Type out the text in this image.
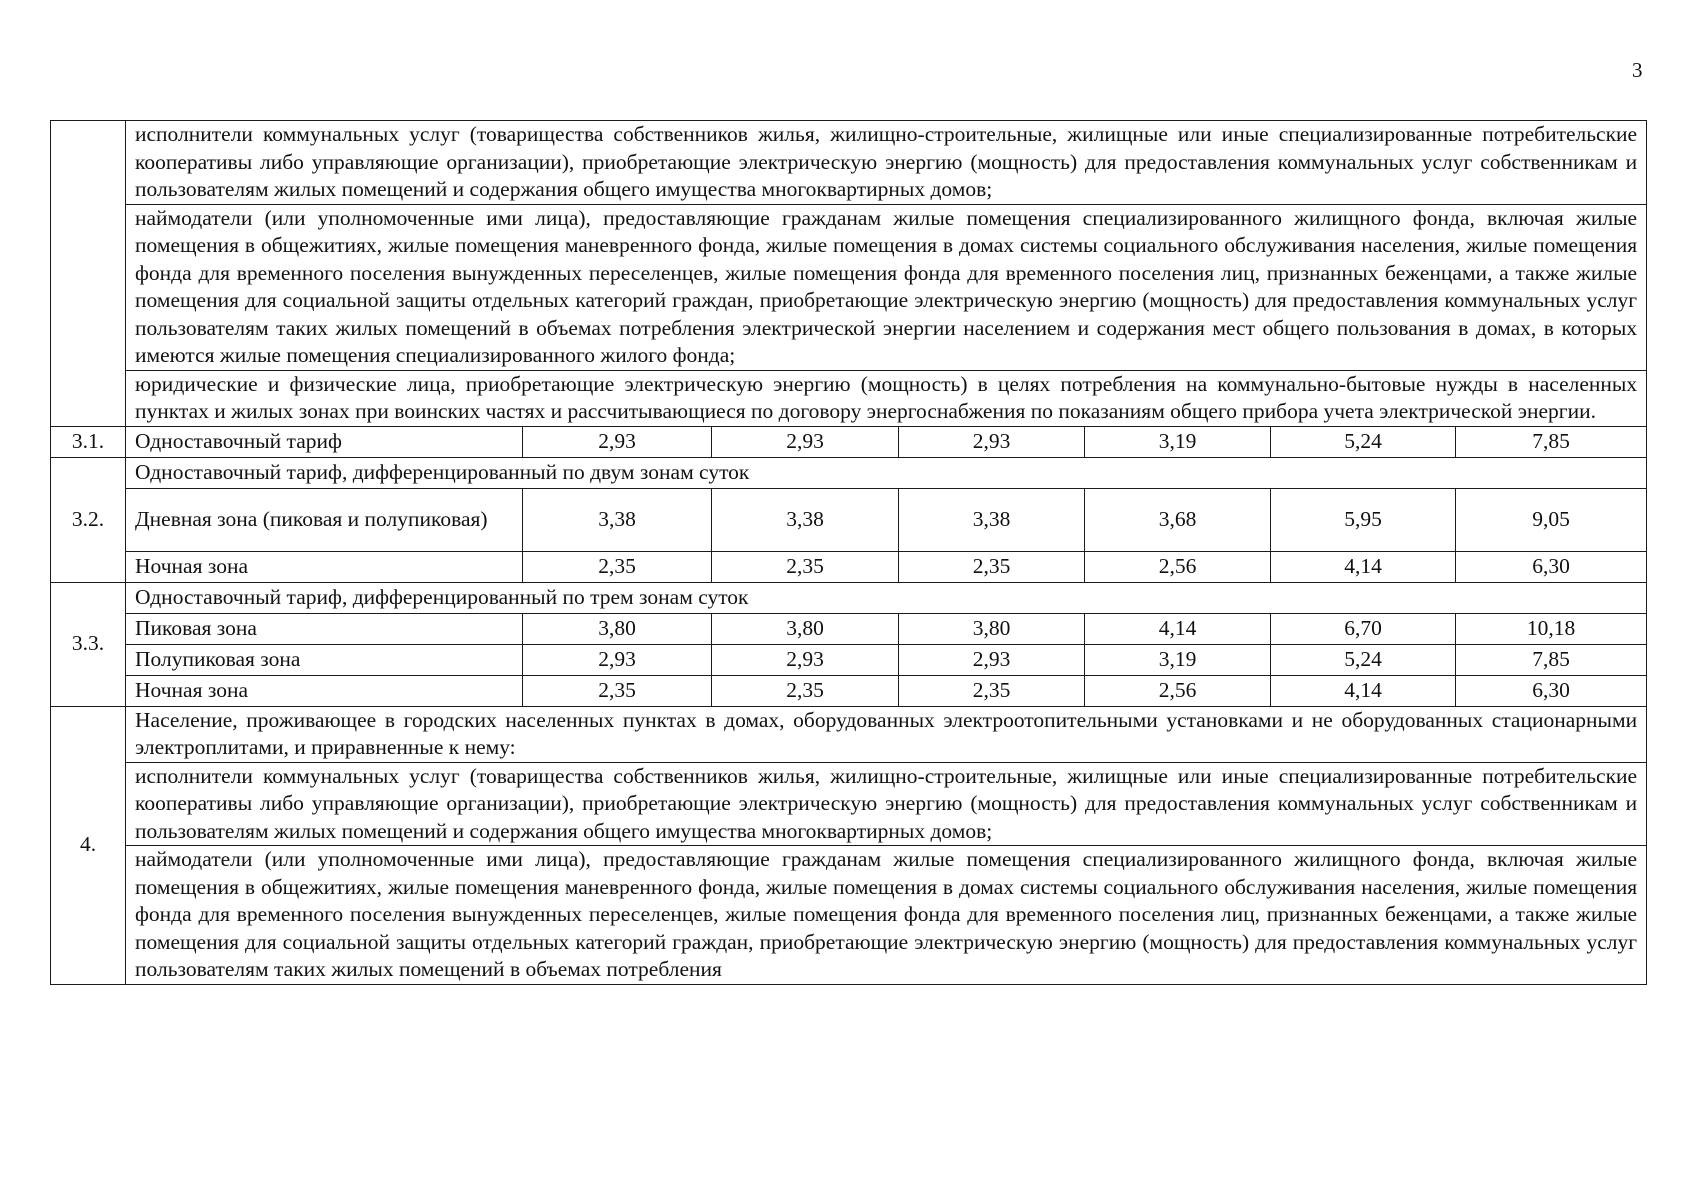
3
	исполнители коммунальных услуг (товарищества собственников жилья, жилищно-строительные, жилищные или иные специализированные потребительские кооперативы либо управляющие организации), приобретающие электрическую энергию (мощность) для предоставления коммунальных услуг собственникам и пользователям жилых помещений и содержания общего имущества многоквартирных домов;						
	наймодатели (или уполномоченные ими лица), предоставляющие гражданам жилые помещения специализированного жилищного фонда, включая жилые помещения в общежитиях, жилые помещения маневренного фонда, жилые помещения в домах системы социального обслуживания населения, жилые помещения фонда для временного поселения вынужденных переселенцев, жилые помещения фонда для временного поселения лиц, признанных беженцами, а также жилые помещения для социальной защиты отдельных категорий граждан, приобретающие электрическую энергию (мощность) для предоставления коммунальных услуг пользователям таких жилых помещений в объемах потребления электрической энергии населением и содержания мест общего пользования в домах, в которых имеются жилые помещения специализированного жилого фонда;						
	юридические и физические лица, приобретающие электрическую энергию (мощность) в целях потребления на коммунально-бытовые нужды в населенных пунктах и жилых зонах при воинских частях и рассчитывающиеся по договору энергоснабжения по показаниям общего прибора учета электрической энергии.						
3.1.	Одноставочный тариф	2,93	2,93	2,93	3,19	5,24	7,85
3.2.	Одноставочный тариф, дифференцированный по двум зонам суток						
	Дневная зона (пиковая и полупиковая)	3,38	3,38	3,38	3,68	5,95	9,05
	Ночная зона	2,35	2,35	2,35	2,56	4,14	6,30
3.3.	Одноставочный тариф, дифференцированный по трем зонам суток						
	Пиковая зона	3,80	3,80	3,80	4,14	6,70	10,18
	Полупиковая зона	2,93	2,93	2,93	3,19	5,24	7,85
	Ночная зона	2,35	2,35	2,35	2,56	4,14	6,30
4.	Население, проживающее в городских населенных пунктах в домах, оборудованных электроотопительными установками и не оборудованных стационарными электроплитами, и приравненные к нему:						
	исполнители коммунальных услуг (товарищества собственников жилья, жилищно-строительные, жилищные или иные специализированные потребительские кооперативы либо управляющие организации), приобретающие электрическую энергию (мощность) для предоставления коммунальных услуг собственникам и пользователям жилых помещений и содержания общего имущества многоквартирных домов;						
	наймодатели (или уполномоченные ими лица), предоставляющие гражданам жилые помещения специализированного жилищного фонда, включая жилые помещения в общежитиях, жилые помещения маневренного фонда, жилые помещения в домах системы социального обслуживания населения, жилые помещения фонда для временного поселения вынужденных переселенцев, жилые помещения фонда для временного поселения лиц, признанных беженцами, а также жилые помещения для социальной защиты отдельных категорий граждан, приобретающие электрическую энергию (мощность) для предоставления коммунальных услуг пользователям таких жилых помещений в объемах потребления						
